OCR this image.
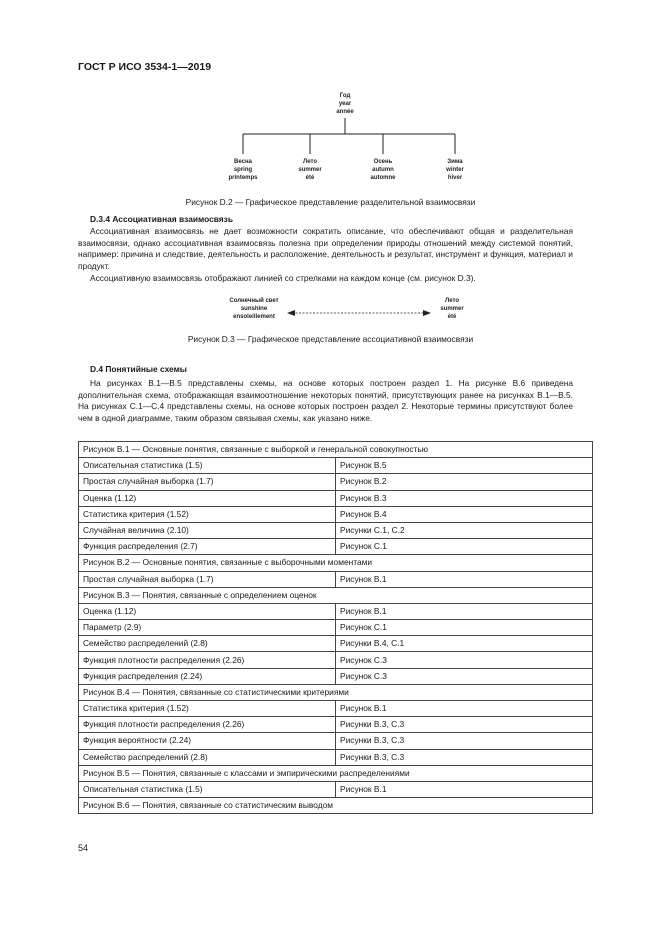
ГОСТ Р ИСО 3534-1—2019
Год
year
année
Весна
spring
printemps
Лето
summer
été
Осень
autumn
automne
Зима
winter
hiver
Рисунок D.2 — Графическое представление разделительной взаимосвязи
D.3.4 Ассоциативная взаимосвязь
Ассоциативная взаимосвязь не дает возможности сократить описание, что обеспечивают общая и разделительная взаимосвязи, однако ассоциативная взаимосвязь полезна при определении природы отношений между системой понятий, например: причина и следствие, деятельность и расположение, деятельность и результат, инструмент и функция, материал и продукт.
Ассоциативную взаимосвязь отображают линией со стрелками на каждом конце (см. рисунок D.3).
Солнечный свет
sunshine
ensoleillement
Лето
summer
été
Рисунок D.3 — Графическое представление ассоциативной взаимосвязи
D.4 Понятийные схемы
На рисунках B.1—B.5 представлены схемы, на основе которых построен раздел 1. На рисунке B.6 приведена дополнительная схема, отображающая взаимоотношение некоторых понятий, присутствующих ранее на рисунках B.1—B.5. На рисунках C.1—C.4 представлены схемы, на основе которых построен раздел 2. Некоторые термины присутствуют более чем в одной диаграмме, таким образом связывая схемы, как указано ниже.
Рисунок B.1 — Основные понятия, связанные с выборкой и генеральной совокупностью	
Описательная статистика (1.5)	Рисунок B.5
Простая случайная выборка (1.7)	Рисунок B.2
Оценка (1.12)	Рисунок B.3
Статистика критерия (1.52)	Рисунок B.4
Случайная величина (2.10)	Рисунки C.1, C.2
Функция распределения (2.7)	Рисунок C.1
Рисунок B.2 — Основные понятия, связанные с выборочными моментами	
Простая случайная выборка (1.7)	Рисунок B.1
Рисунок B.3 — Понятия, связанные с определением оценок	
Оценка (1.12)	Рисунок B.1
Параметр (2.9)	Рисунок C.1
Семейство распределений (2.8)	Рисунки B.4, C.1
Функция плотности распределения (2.26)	Рисунок C.3
Функция распределения (2.24)	Рисунок C.3
Рисунок B.4 — Понятия, связанные со статистическими критериями	
Статистика критерия (1.52)	Рисунок B.1
Функция плотности распределения (2.26)	Рисунки B.3, C.3
Функция вероятности (2.24)	Рисунки B.3, C.3
Семейство распределений (2.8)	Рисунки B.3, C.3
Рисунок B.5 — Понятия, связанные с классами и эмпирическими распределениями	
Описательная статистика (1.5)	Рисунок B.1
Рисунок B.6 — Понятия, связанные со статистическим выводом	
54
